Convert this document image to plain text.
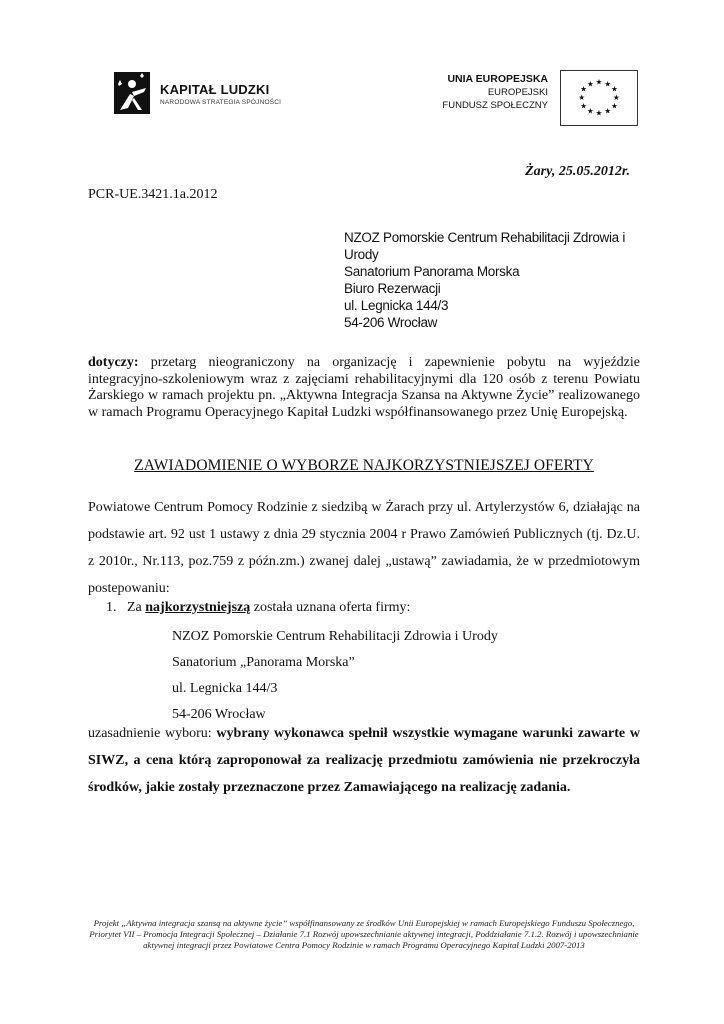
KAPITAŁ LUDZKI
NARODOWA STRATEGIA SPÓJNOŚCI
UNIA EUROPEJSKA
EUROPEJSKI
FUNDUSZ SPOŁECZNY
★ ★
★
★
★
★
★
★
★
★
★
★
Żary, 25.05.2012r.
PCR-UE.3421.1a.2012
NZOZ Pomorskie Centrum Rehabilitacji Zdrowia i
Urody
Sanatorium Panorama Morska
Biuro Rezerwacji
ul. Legnicka 144/3
54-206 Wrocław
dotyczy: przetarg nieograniczony na organizację i zapewnienie pobytu na wyjeździe integracyjno-szkoleniowym wraz z zajęciami rehabilitacyjnymi dla 120 osób z terenu Powiatu Żarskiego w ramach projektu pn. „Aktywna Integracja Szansa na Aktywne Życie” realizowanego w ramach Programu Operacyjnego Kapitał Ludzki współfinansowanego przez Unię Europejską.
ZAWIADOMIENIE O WYBORZE NAJKORZYSTNIEJSZEJ OFERTY
Powiatowe Centrum Pomocy Rodzinie z siedzibą w Żarach przy ul. Artylerzystów 6, działając na podstawie art. 92 ust 1 ustawy z dnia 29 stycznia 2004 r Prawo Zamówień Publicznych (tj. Dz.U. z 2010r., Nr.113, poz.759 z późn.zm.) zwanej dalej „ustawą” zawiadamia, że w przedmiotowym postepowaniu:
1. Za najkorzystniejszą została uznana oferta firmy:
NZOZ Pomorskie Centrum Rehabilitacji Zdrowia i Urody
Sanatorium „Panorama Morska”
ul. Legnicka 144/3
54-206 Wrocław
uzasadnienie wyboru: wybrany wykonawca spełnił wszystkie wymagane warunki zawarte w SIWZ, a cena którą zaproponował za realizację przedmiotu zamówienia nie przekroczyła środków, jakie zostały przeznaczone przez Zamawiającego na realizację zadania.
Projekt „Aktywna integracja szansą na aktywne życie” współfinansowany ze środków Unii Europejskiej w ramach Europejskiego Funduszu Społecznego, Priorytet VII – Promocja Integracji Społecznej – Działanie 7.1 Rozwój upowszechnianie aktywnej integracji, Poddziałanie 7.1.2. Rozwój i upowszechnianie aktywnej integracji przez Powiatowe Centra Pomocy Rodzinie w ramach Programu Operacyjnego Kapitał Ludzki 2007-2013
